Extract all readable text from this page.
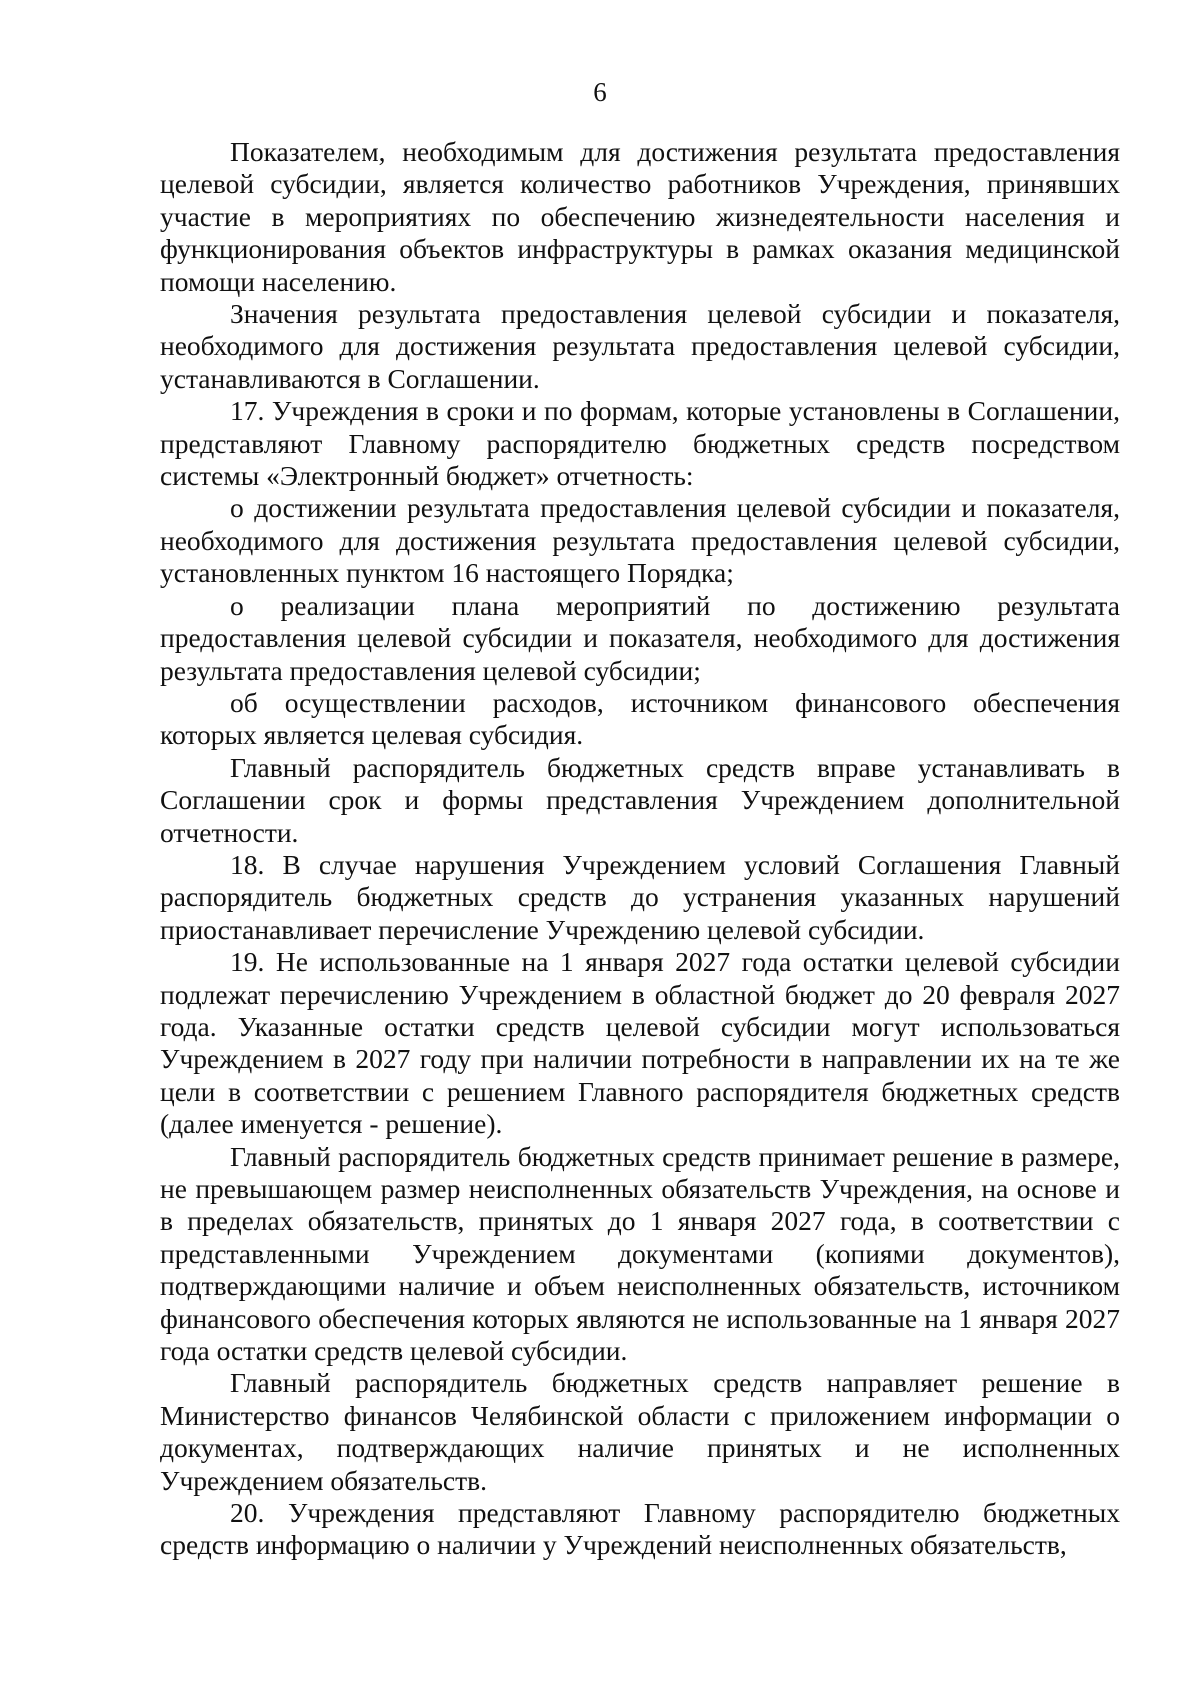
6

Показателем, необходимым для достижения результата предоставления целевой субсидии, является количество работников Учреждения, принявших участие в мероприятиях по обеспечению жизнедеятельности населения и функционирования объектов инфраструктуры в рамках оказания медицинской помощи населению.

Значения результата предоставления целевой субсидии и показателя, необходимого для достижения результата предоставления целевой субсидии, устанавливаются в Соглашении.

17. Учреждения в сроки и по формам, которые установлены в Соглашении, представляют Главному распорядителю бюджетных средств посредством системы «Электронный бюджет» отчетность:

о достижении результата предоставления целевой субсидии и показателя, необходимого для достижения результата предоставления целевой субсидии, установленных пунктом 16 настоящего Порядка;

о реализации плана мероприятий по достижению результата предоставления целевой субсидии и показателя, необходимого для достижения результата предоставления целевой субсидии;

об осуществлении расходов, источником финансового обеспечения которых является целевая субсидия.

Главный распорядитель бюджетных средств вправе устанавливать в Соглашении срок и формы представления Учреждением дополнительной отчетности.

18. В случае нарушения Учреждением условий Соглашения Главный распорядитель бюджетных средств до устранения указанных нарушений приостанавливает перечисление Учреждению целевой субсидии.

19. Не использованные на 1 января 2027 года остатки целевой субсидии подлежат перечислению Учреждением в областной бюджет до 20 февраля 2027 года. Указанные остатки средств целевой субсидии могут использоваться Учреждением в 2027 году при наличии потребности в направлении их на те же цели в соответствии с решением Главного распорядителя бюджетных средств (далее именуется - решение).

Главный распорядитель бюджетных средств принимает решение в размере, не превышающем размер неисполненных обязательств Учреждения, на основе и в пределах обязательств, принятых до 1 января 2027 года, в соответствии с представленными Учреждением документами (копиями документов), подтверждающими наличие и объем неисполненных обязательств, источником финансового обеспечения которых являются не использованные на 1 января 2027 года остатки средств целевой субсидии.

Главный распорядитель бюджетных средств направляет решение в Министерство финансов Челябинской области с приложением информации о документах, подтверждающих наличие принятых и не исполненных Учреждением обязательств.

20. Учреждения представляют Главному распорядителю бюджетных средств информацию о наличии у Учреждений неисполненных обязательств,
